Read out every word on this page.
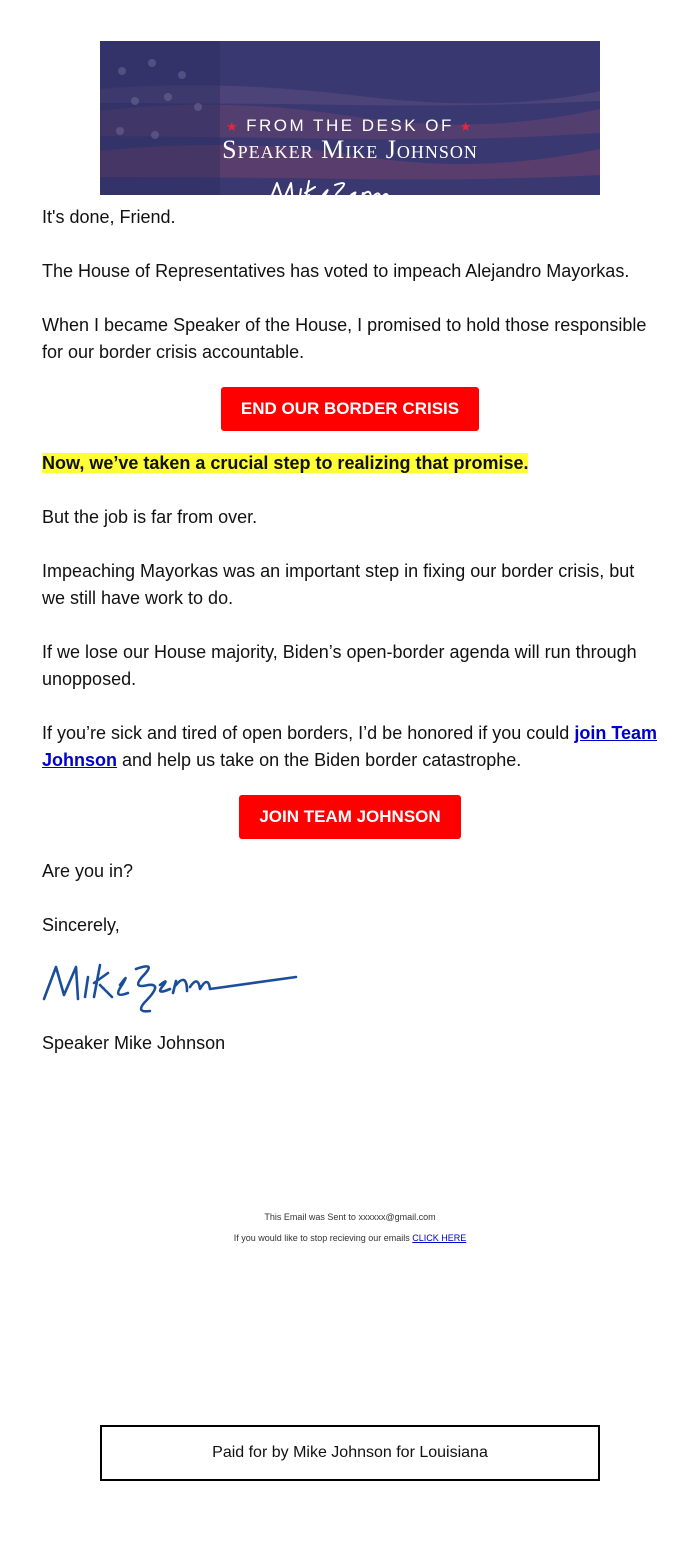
★ FROM THE DESK OF ★
Speaker Mike Johnson

It's done, Friend.

The House of Representatives has voted to impeach Alejandro Mayorkas.

When I became Speaker of the House, I promised to hold those responsible for our border crisis accountable.

END OUR BORDER CRISIS

Now, we’ve taken a crucial step to realizing that promise.

But the job is far from over.

Impeaching Mayorkas was an important step in fixing our border crisis, but we still have work to do.

If we lose our House majority, Biden’s open-border agenda will run through unopposed.

If you’re sick and tired of open borders, I’d be honored if you could join Team Johnson and help us take on the Biden border catastrophe.

JOIN TEAM JOHNSON

Are you in?

Sincerely,

Speaker Mike Johnson

This Email was Sent to xxxxxx@gmail.com
If you would like to stop recieving our emails CLICK HERE
Paid for by Mike Johnson for Louisiana
